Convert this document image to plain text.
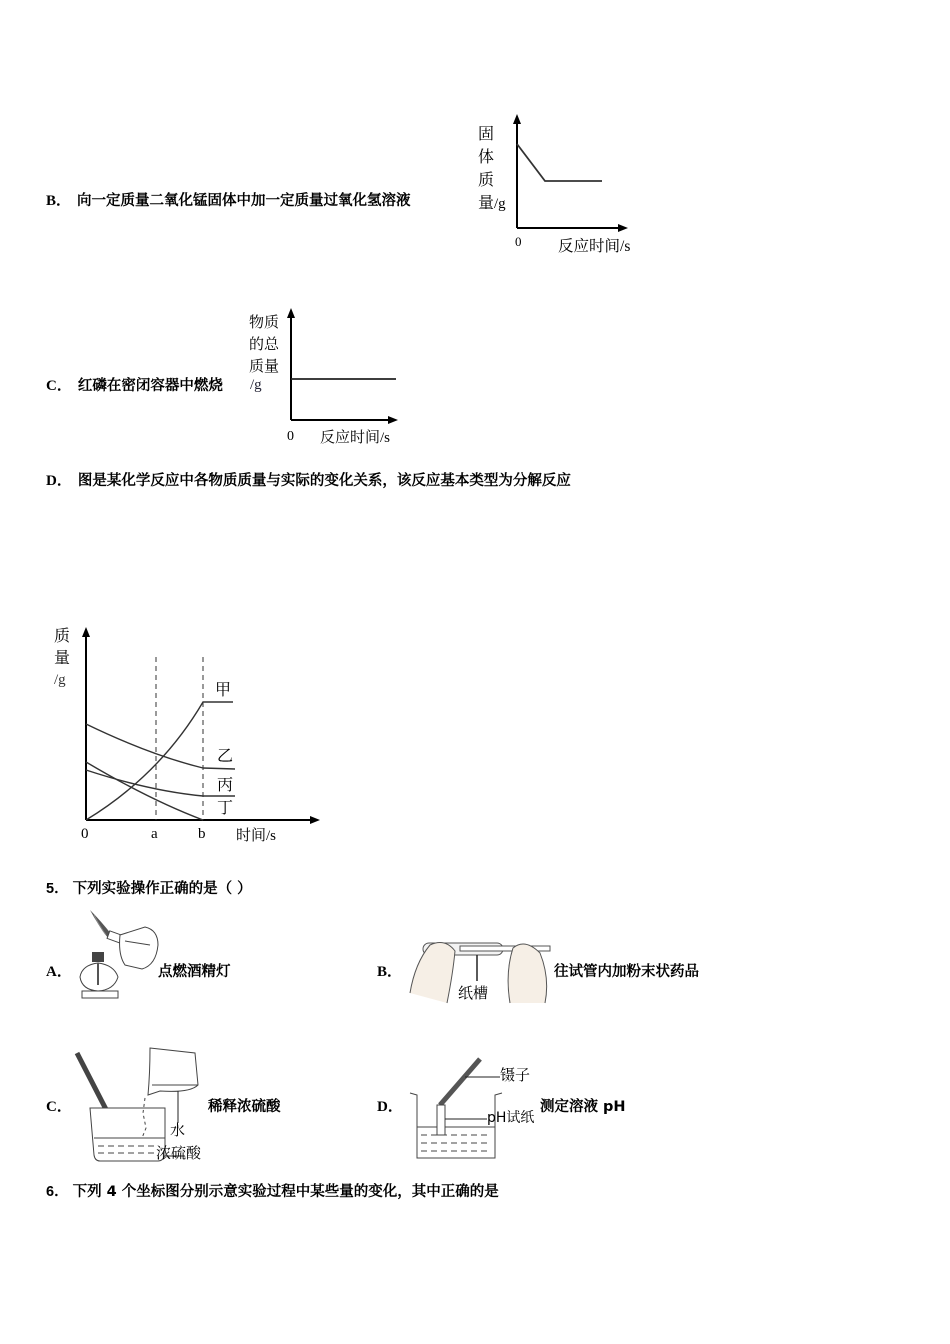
B． 向一定质量二氧化锰固体中加一定质量过氧化氢溶液
固
体
质
量/g
0 反应时间/s
C． 红磷在密闭容器中燃烧
物质
的总
质量
/g
0 反应时间/s
D． 图是某化学反应中各物质质量与实际的变化关系，该反应基本类型为分解反应
质
量
/g	甲
乙
丙
丁
0	a	b 时间/s
5． 下列实验操作正确的是（ ）
A．	点燃酒精灯	B．
纸槽
往试管内加粉末状药品
C．
水
浓硫酸
稀释浓硫酸	D．
镊子
pH试纸
测定溶液 pH
6． 下列 4 个坐标图分别示意实验过程中某些量的变化，其中正确的是
